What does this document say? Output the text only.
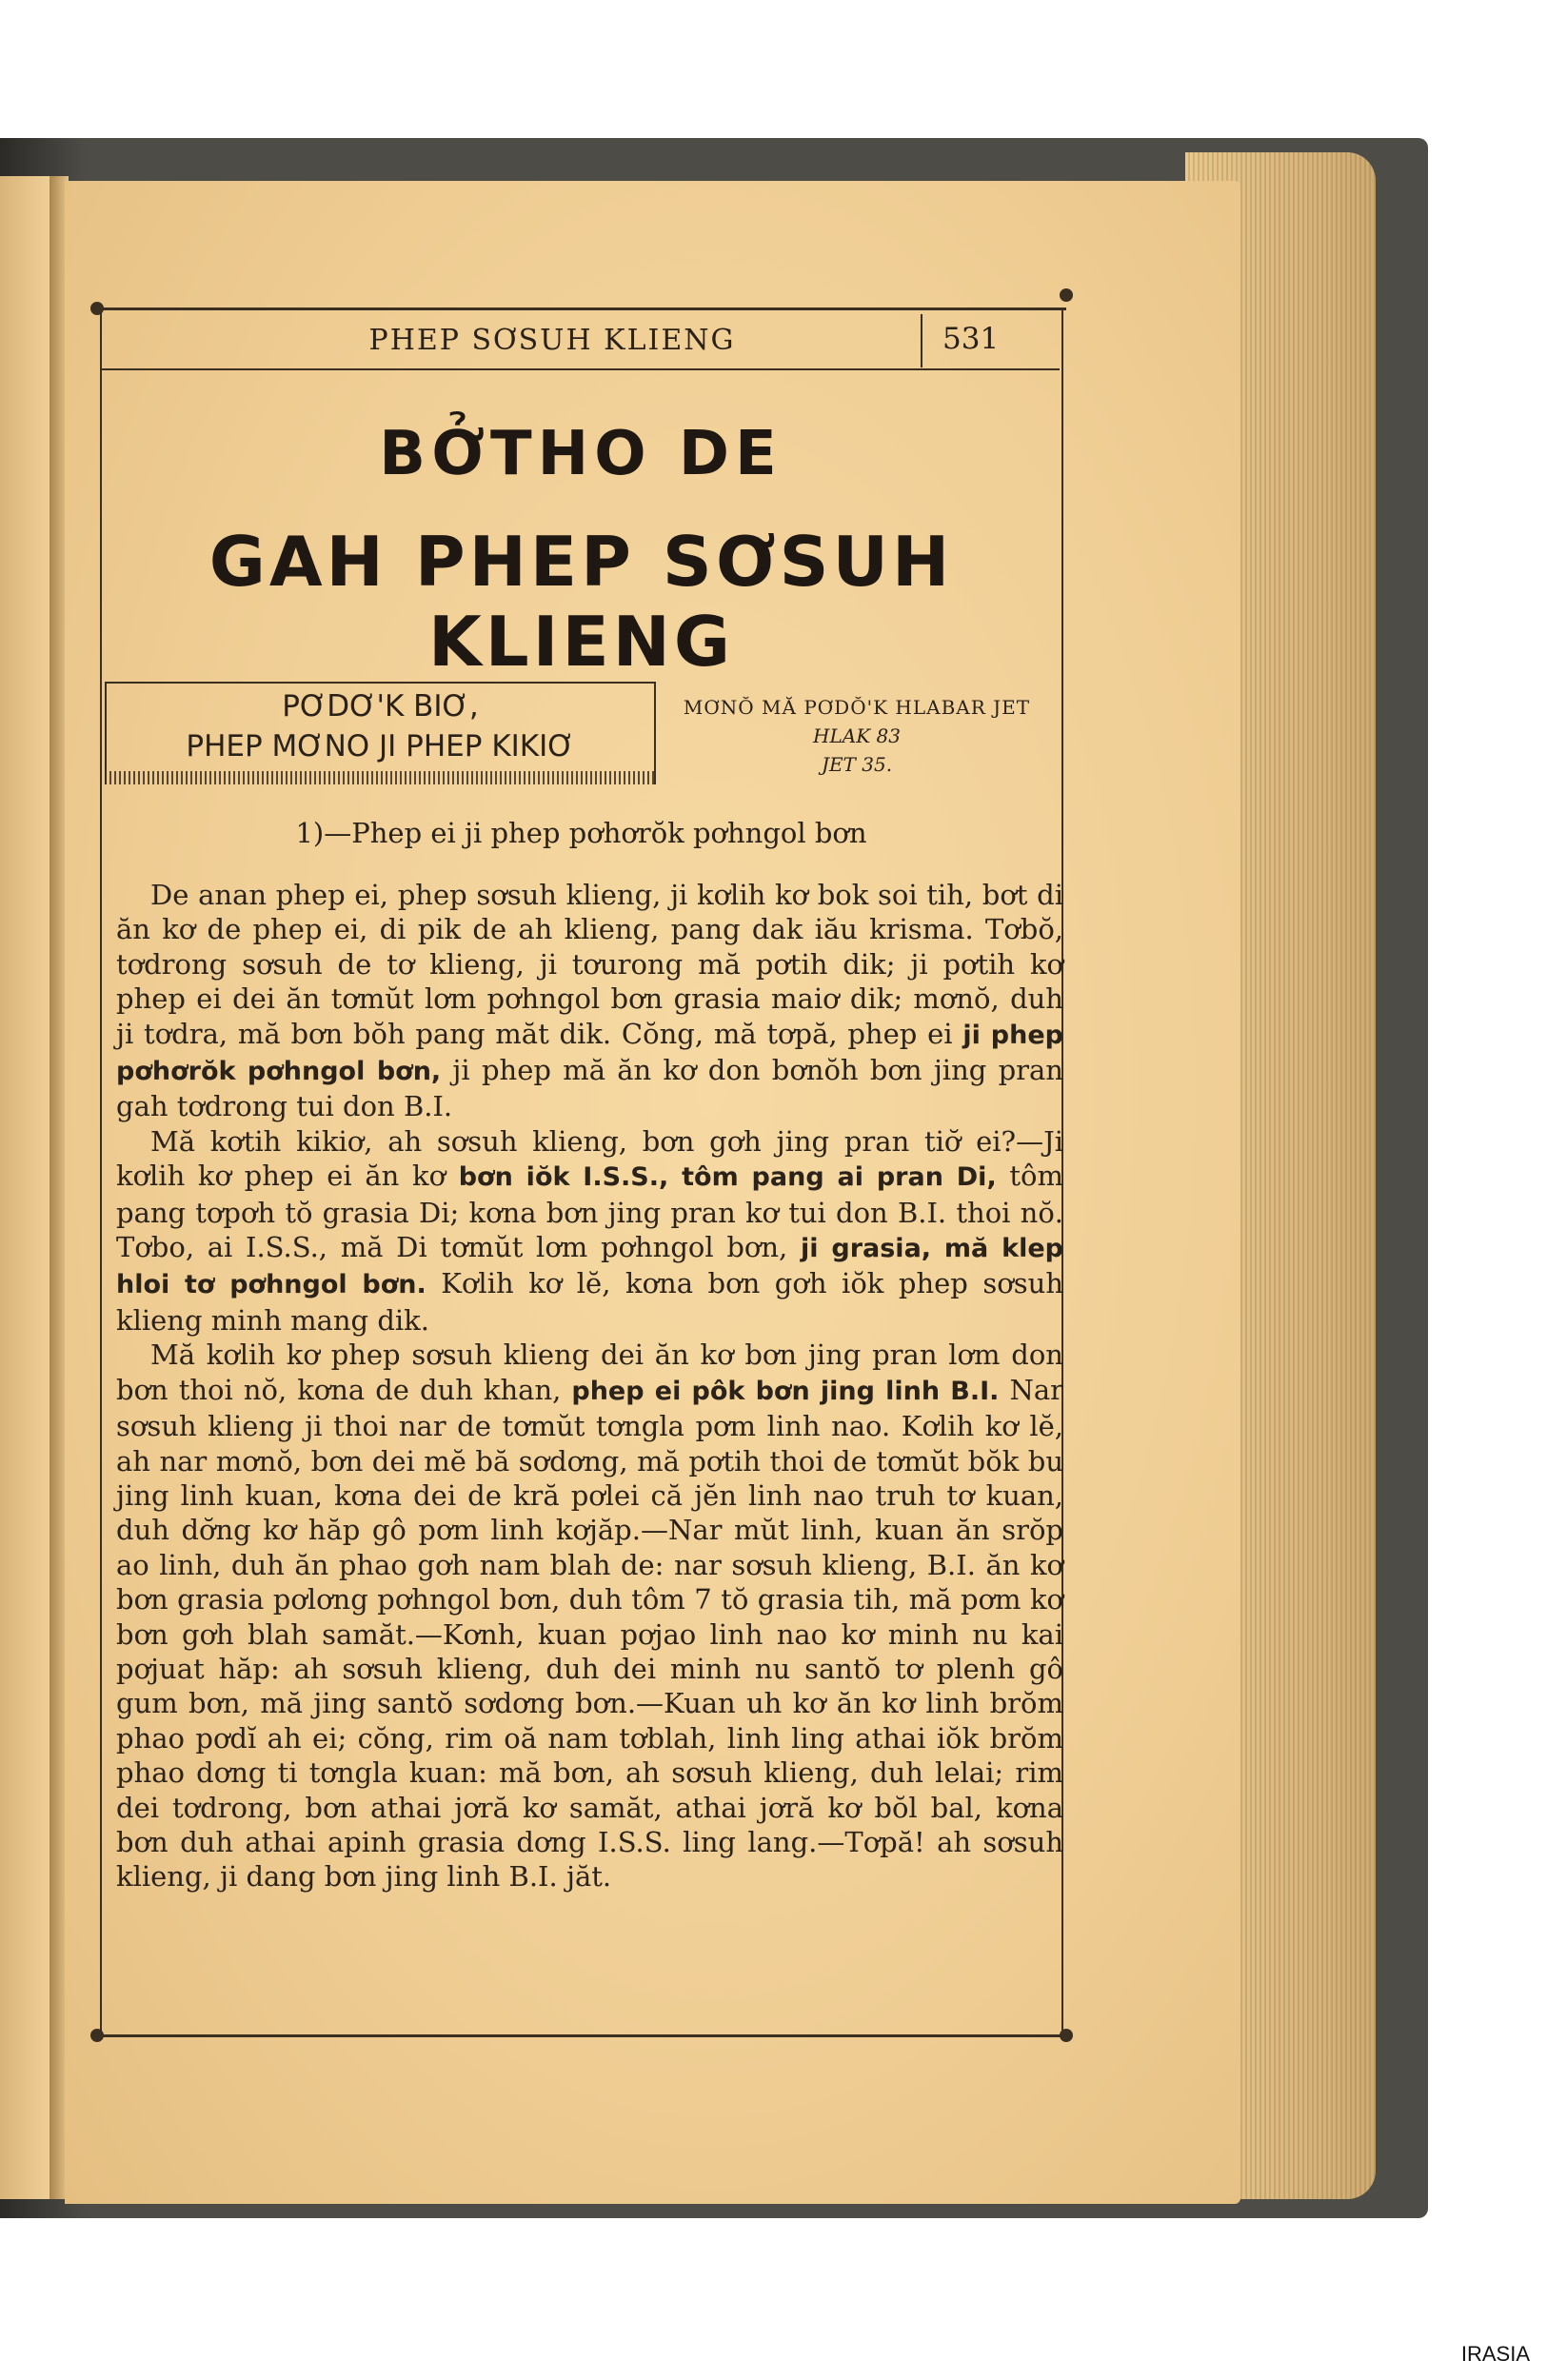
PHEP SƠSUH KLIENG	531
BỞTHO DE
GAH PHEP SƠSUH KLIENG
PƠDƠ'K BIƠ,
PHEP MƠNO JI PHEP KIKIƠ
MƠNŎ MĂ PƠDŎ'K HLABAR JET
HLAK 83
JET 35.
1)—Phep ei ji phep pơhơrŏk pơhngol bơn

De anan phep ei, phep sơsuh klieng, ji kơlih kơ bok soi tih, bơt di ăn kơ de phep ei, di pik de ah klieng, pang dak iău krisma. Tơbŏ, tơdrong sơsuh de tơ klieng, ji tơurong mă pơtih dik; ji pơtih kơ phep ei dei ăn tơmŭt lơm pơhngol bơn grasia maiơ dik; mơnŏ, duh ji tơdra, mă bơn bŏh pang măt dik. Cŏng, mă tơpă, phep ei ji phep pơhơrŏk pơhngol bơn, ji phep mă ăn kơ don bơnŏh bơn jing pran gah tơdrong tui don B.I.

Mă kơtih kikiơ, ah sơsuh klieng, bơn gơh jing pran tiơ̆ ei?—Ji kơlih kơ phep ei ăn kơ bơn iŏk I.S.S., tôm pang ai pran Di, tôm pang tơpơh tŏ grasia Di; kơna bơn jing pran kơ tui don B.I. thoi nŏ. Tơbo, ai I.S.S., mă Di tơmŭt lơm pơhngol bơn, ji grasia, mă klep hloi tơ pơhngol bơn. Kơlih kơ lĕ, kơna bơn gơh iŏk phep sơsuh klieng minh mang dik.

Mă kơlih kơ phep sơsuh klieng dei ăn kơ bơn jing pran lơm don bơn thoi nŏ, kơna de duh khan, phep ei pôk bơn jing linh B.I. Nar sơsuh klieng ji thoi nar de tơmŭt tơngla pơm linh nao. Kơlih kơ lĕ, ah nar mơnŏ, bơn dei mĕ bă sơdơng, mă pơtih thoi de tơmŭt bŏk bu jing linh kuan, kơna dei de kră pơlei că jĕn linh nao truh tơ kuan, duh dơ̆ng kơ hăp gô pơm linh kơjăp.—Nar mŭt linh, kuan ăn srŏp ao linh, duh ăn phao gơh nam blah de: nar sơsuh klieng, B.I. ăn kơ bơn grasia pơlơng pơhngol bơn, duh tôm 7 tŏ grasia tih, mă pơm kơ bơn gơh blah samăt.—Kơnh, kuan pơjao linh nao kơ minh nu kai pơjuat hăp: ah sơsuh klieng, duh dei minh nu santŏ tơ plenh gô gum bơn, mă jing santŏ sơdơng bơn.—Kuan uh kơ ăn kơ linh brŏm phao pơdĭ ah ei; cŏng, rim oă nam tơblah, linh ling athai iŏk brŏm phao dơng ti tơngla kuan: mă bơn, ah sơsuh klieng, duh lelai; rim dei tơdrong, bơn athai jơră kơ samăt, athai jơră kơ bŏl bal, kơna bơn duh athai apinh grasia dơng I.S.S. ling lang.—Tơpă! ah sơsuh klieng, ji dang bơn jing linh B.I. jăt.

IRASIA
